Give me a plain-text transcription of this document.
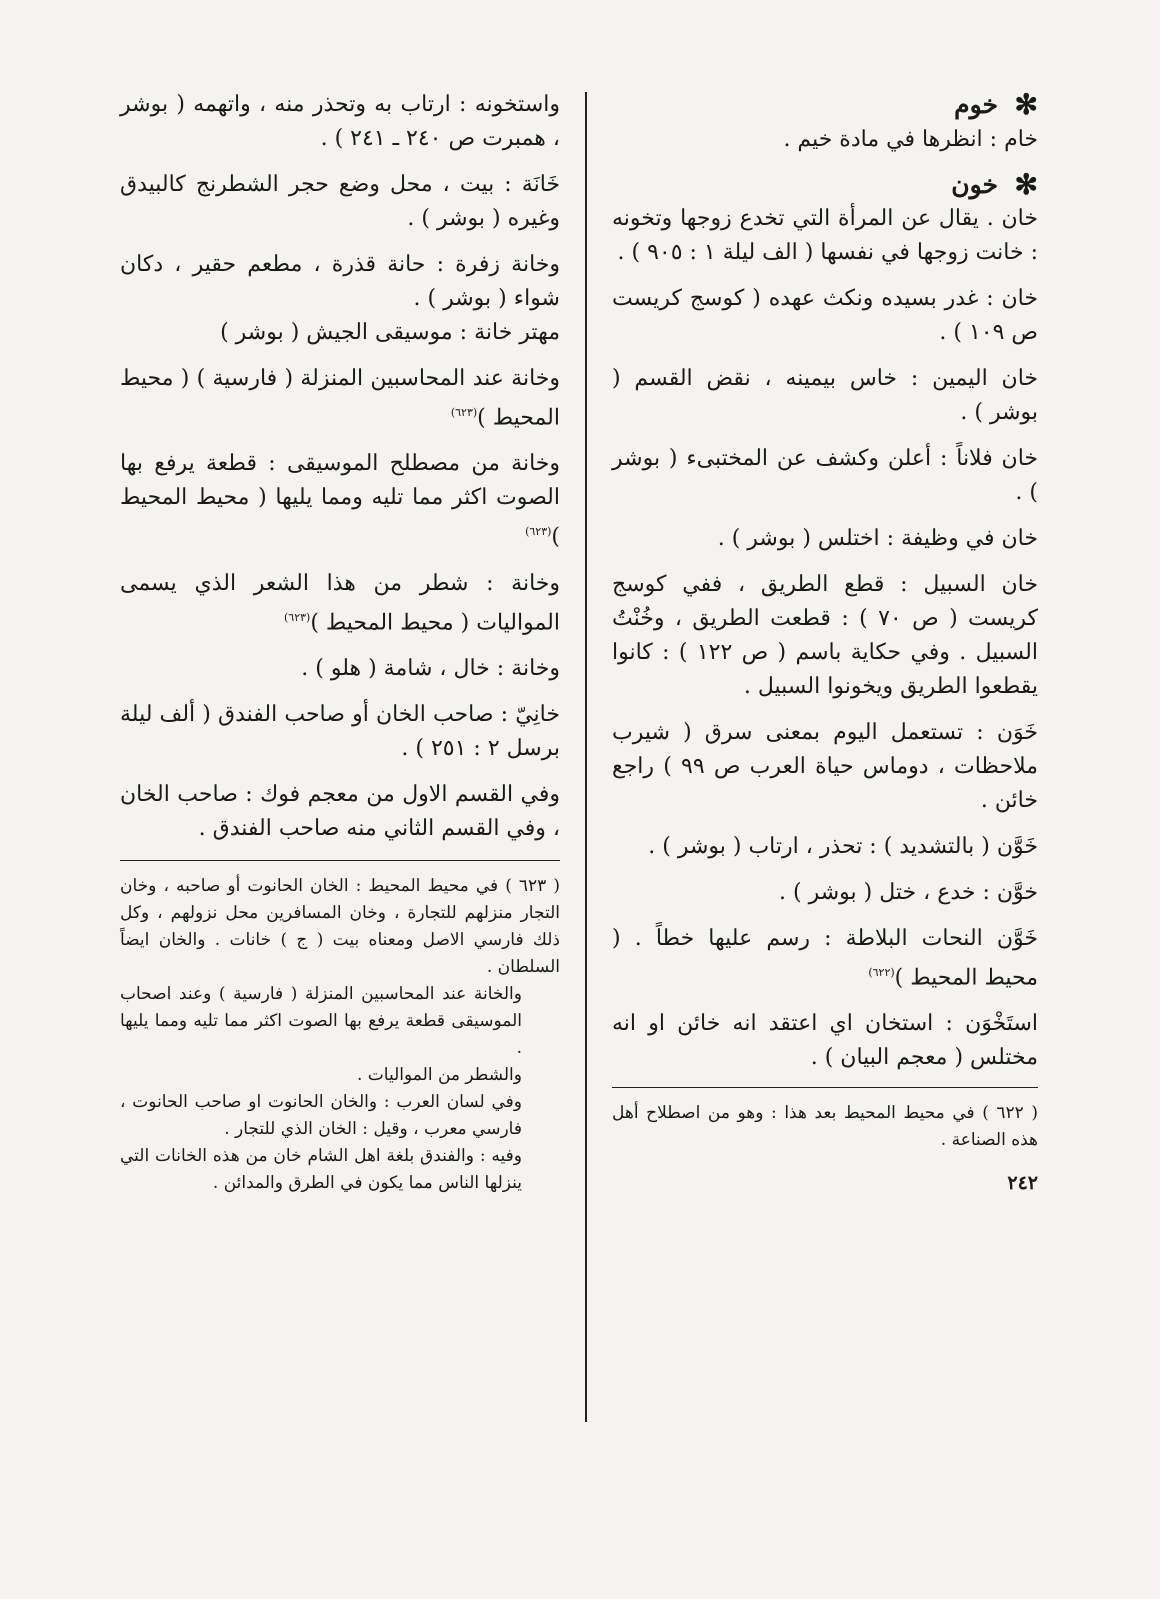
✻
خوم

خام : انظرها في مادة خيم .

✻
خون

خان . يقال عن المرأة التي تخدع زوجها وتخونه : خانت زوجها في نفسها ( الف ليلة ١ : ٩٠٥ ) .

خان : غدر بسيده ونكث عهده ( كوسج كريست ص ١٠٩ ) .

خان اليمين : خاس بيمينه ، نقض القسم ( بوشر ) .

خان فلاناً : أعلن وكشف عن المختبىء ( بوشر ) .

خان في وظيفة : اختلس ( بوشر ) .

خان السبيل : قطع الطريق ، ففي كوسج كريست ( ص ٧٠ ) : قطعت الطريق ، وخُنْتُ السبيل . وفي حكاية باسم ( ص ١٢٢ ) : كانوا يقطعوا الطريق ويخونوا السبيل .

خَوَن : تستعمل اليوم بمعنى سرق ( شيرب ملاحظات ، دوماس حياة العرب ص ٩٩ ) راجع خائن .

خَوَّن ( بالتشديد ) : تحذر ، ارتاب ( بوشر ) .

خوَّن : خدع ، ختل ( بوشر ) .

خَوَّن النحات البلاطة : رسم عليها خطاً . ( محيط المحيط )$^{(٦٢٢)}$

استَخْوَن : استخان اي اعتقد انه خائن او انه مختلس ( معجم البيان ) .

( ٦٢٢ ) في محيط المحيط بعد هذا : وهو من اصطلاح أهل هذه الصناعة .

٢٤٢

واستخونه : ارتاب به وتحذر منه ، واتهمه ( بوشر ، همبرت ص ٢٤٠ ـ ٢٤١ ) .

خَانَة : بيت ، محل وضع حجر الشطرنج كالبيدق وغيره ( بوشر ) .

وخانة زفرة : حانة قذرة ، مطعم حقير ، دكان شواء ( بوشر ) .

مهتر خانة : موسيقى الجيش ( بوشر )

وخانة عند المحاسبين المنزلة ( فارسية ) ( محيط المحيط )$^{(٦٢٣)}$

وخانة من مصطلح الموسيقى : قطعة يرفع بها الصوت اكثر مما تليه ومما يليها ( محيط المحيط )$^{(٦٢٣)}$

وخانة : شطر من هذا الشعر الذي يسمى المواليات ( محيط المحيط )$^{(٦٢٣)}$

وخانة : خال ، شامة ( هلو ) .

خانِيّ : صاحب الخان أو صاحب الفندق ( ألف ليلة برسل ٢ : ٢٥١ ) .

وفي القسم الاول من معجم فوك : صاحب الخان ، وفي القسم الثاني منه صاحب الفندق .

( ٦٢٣ ) في محيط المحيط : الخان الحانوت أو صاحبه ، وخان التجار منزلهم للتجارة ، وخان المسافرين محل نزولهم ، وكل ذلك فارسي الاصل ومعناه بيت ( ج ) خانات . والخان ايضاً السلطان .

والخانة عند المحاسبين المنزلة ( فارسية ) وعند اصحاب الموسيقى قطعة يرفع بها الصوت اكثر مما تليه ومما يليها .

والشطر من المواليات .

وفي لسان العرب : والخان الحانوت او صاحب الحانوت ، فارسي معرب ، وقيل : الخان الذي للتجار .

وفيه : والفندق بلغة اهل الشام خان من هذه الخانات التي ينزلها الناس مما يكون في الطرق والمدائن .
